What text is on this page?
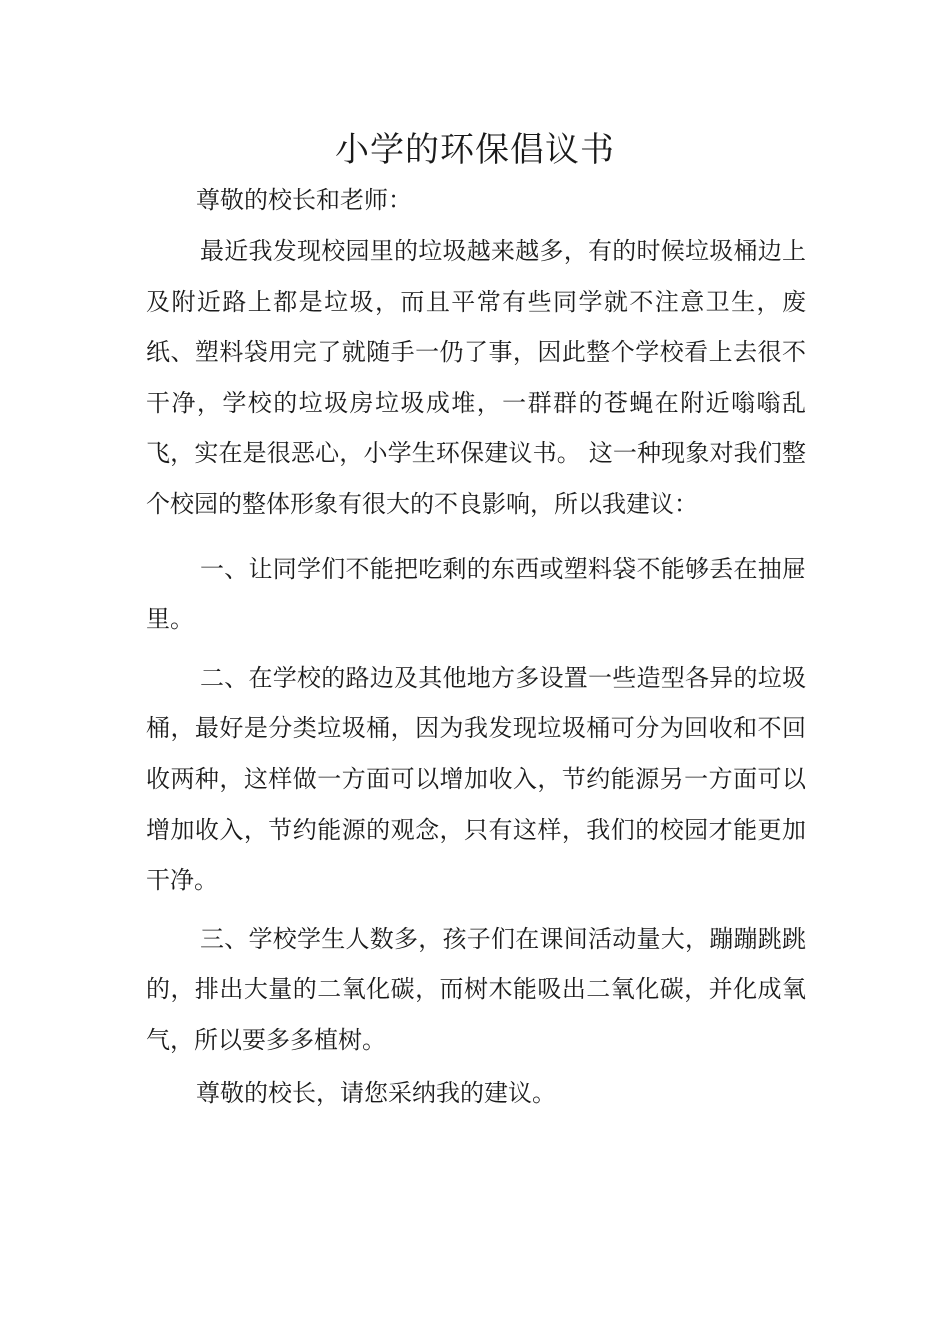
小学的环保倡议书

尊敬的校长和老师：

最近我发现校园里的垃圾越来越多，有的时候垃圾桶边上及附近路上都是垃圾，而且平常有些同学就不注意卫生，废纸、塑料袋用完了就随手一仍了事，因此整个学校看上去很不干净，学校的垃圾房垃圾成堆，一群群的苍蝇在附近嗡嗡乱飞，实在是很恶心，小学生环保建议书。 这一种现象对我们整个校园的整体形象有很大的不良影响，所以我建议：

一、让同学们不能把吃剩的东西或塑料袋不能够丢在抽屉里。

二、在学校的路边及其他地方多设置一些造型各异的垃圾桶，最好是分类垃圾桶，因为我发现垃圾桶可分为回收和不回收两种，这样做一方面可以增加收入，节约能源另一方面可以增加收入，节约能源的观念，只有这样，我们的校园才能更加干净。

三、学校学生人数多，孩子们在课间活动量大，蹦蹦跳跳的，排出大量的二氧化碳，而树木能吸出二氧化碳，并化成氧气，所以要多多植树。

尊敬的校长，请您采纳我的建议。
